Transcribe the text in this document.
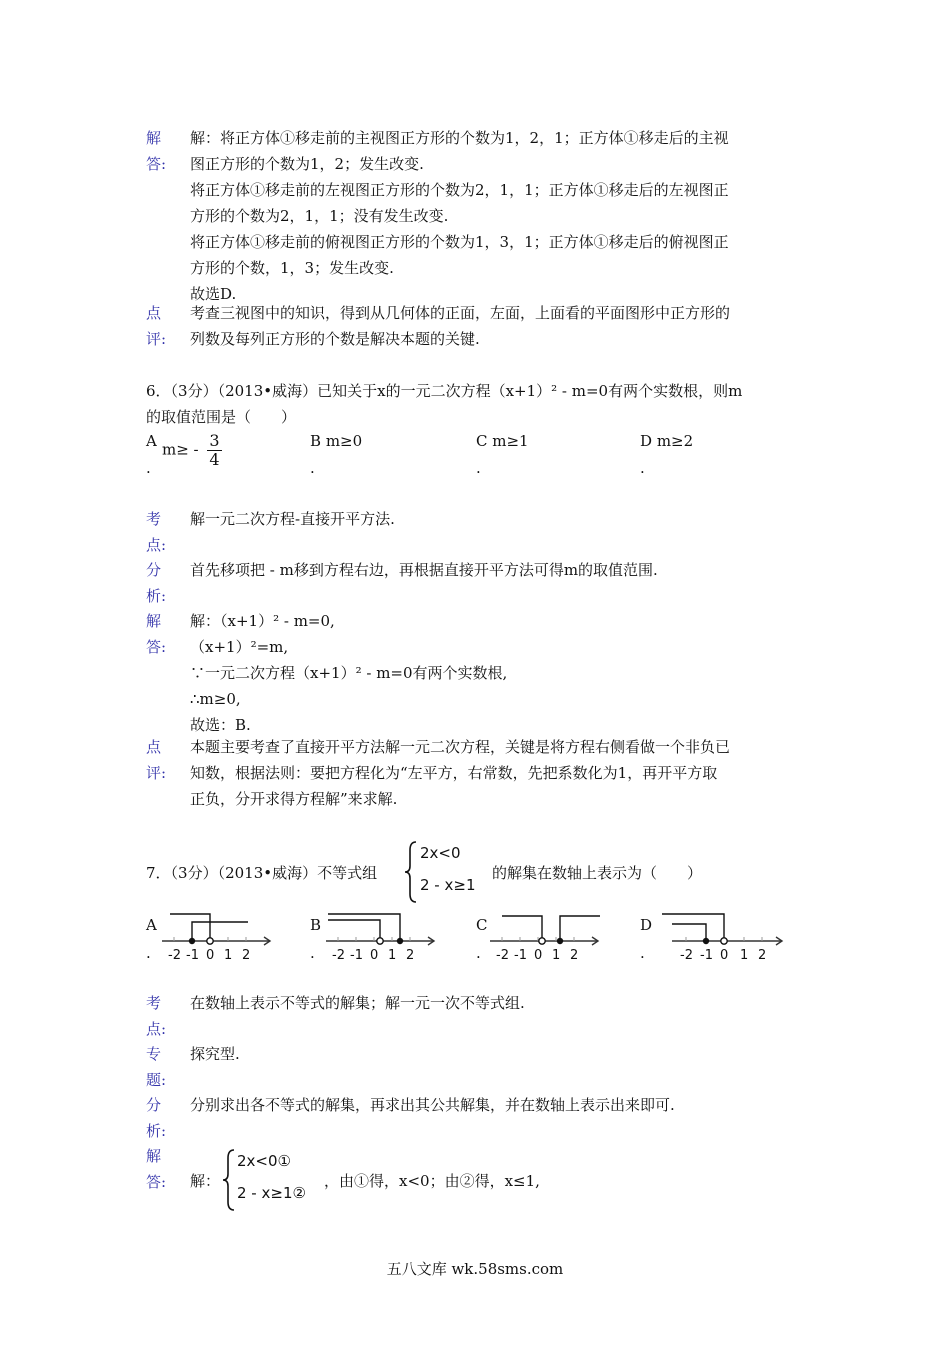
解
答:

解：将正方体①移走前的主视图正方形的个数为1，2，1；正方体①移走后的主视

图正方形的个数为1，2；发生改变.

将正方体①移走前的左视图正方形的个数为2，1，1；正方体①移走后的左视图正

方形的个数为2，1，1；没有发生改变.

将正方体①移走前的俯视图正方形的个数为1，3，1；正方体①移走后的俯视图正

方形的个数，1，3；发生改变.

故选D.

点
评:

考查三视图中的知识，得到从几何体的正面，左面，上面看的平面图形中正方形的

列数及每列正方形的个数是解决本题的关键.

6．（3分）（2013•威海）已知关于x的一元二次方程（x+1）² - m=0有两个实数根，则m

的取值范围是（　　）

A
.
$m\ge - \frac{3}{4}$	B m≥0
.
C m≥1
.
D m≥2
.
考
点:

解一元二次方程-直接开平方法.

分
析:

首先移项把 - m移到方程右边，再根据直接开平方法可得m的取值范围.

解
答:

解：（x+1）² - m=0,

（x+1）²=m,

∵一元二次方程（x+1）² - m=0有两个实数根,

∴m≥0,

故选：B.

点
评:

本题主要考查了直接开平方法解一元二次方程，关键是将方程右侧看做一个非负已

知数，根据法则：要把方程化为“左平方，右常数，先把系数化为1，再开平方取

正负，分开求得方程解”来求解.

7．（3分）（2013•威海）不等式组
2x<0
2 - x≥1
的解集在数轴上表示为（　　）
A
.
B
.
C
.
D
.
-2 -1 0 1 2	-2 -1 0 1 2	-2 -1 0 1 2	-2 -1 0 1 2
考
点:

在数轴上表示不等式的解集；解一元一次不等式组.

专
题:

探究型.

分
析:

分别求出各不等式的解集，再求出其公共解集，并在数轴上表示出来即可.

解
答: 解：

2x<0①
2 - x≥1②

，由①得，x<0；由②得，x≤1,

五八文库 wk.58sms.com
